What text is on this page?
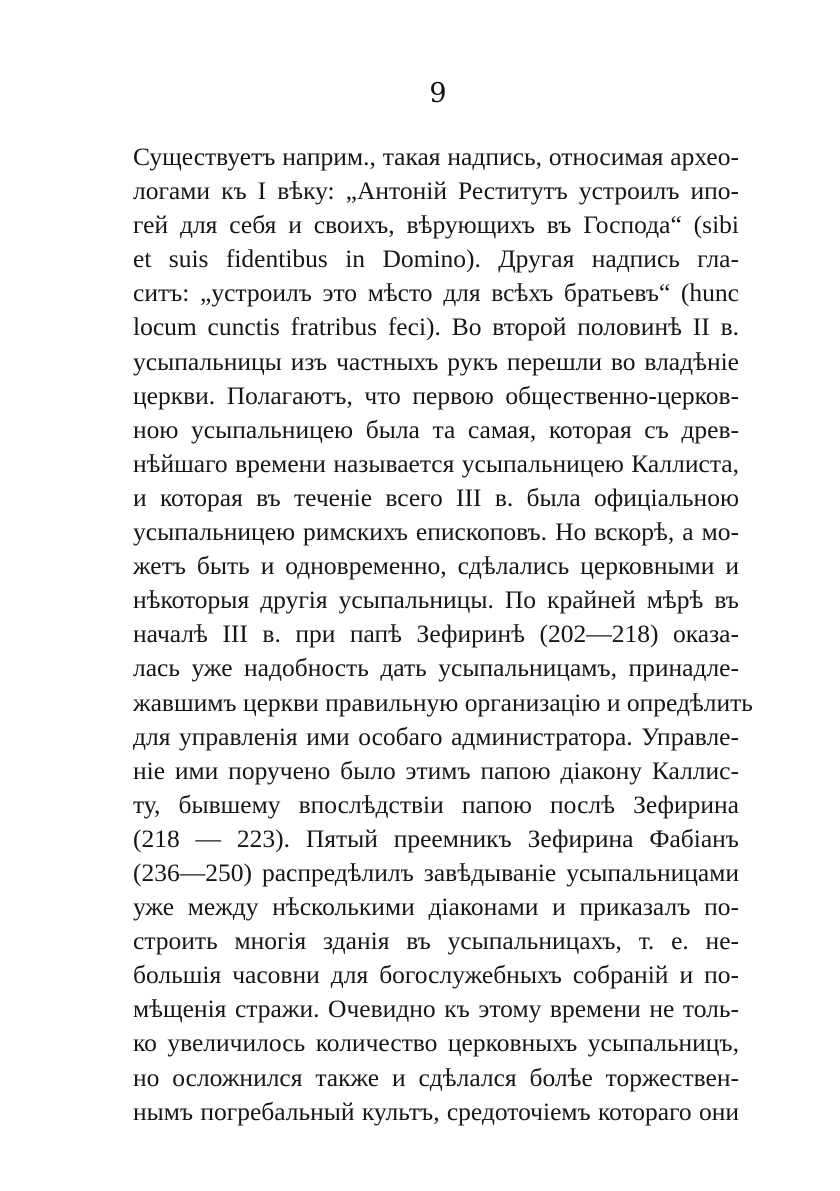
9
Существуетъ наприм., такая надпись, относимая архео-
логами къ I вѣку: „Антонiй Реститутъ устроилъ ипо-
гей для себя и своихъ, вѣрующихъ въ Господа“ (sibi
et suis fidentibus in Domino). Другая надпись гла-
ситъ: „устроилъ это мѣсто для всѣхъ братьевъ“ (hunc
locum cunctis fratribus feci). Во второй половинѣ II в.
усыпальницы изъ частныхъ рукъ перешли во владѣнiе
церкви. Полагаютъ, что первою общественно-церков-
ною усыпальницею была та самая, которая съ древ-
нѣйшаго времени называется усыпальницею Каллиста,
и которая въ теченiе всего III в. была офицiальною
усыпальницею римскихъ епископовъ. Но вскорѣ, а мо-
жетъ быть и одновременно, сдѣлались церковными и
нѣкоторыя другiя усыпальницы. По крайней мѣрѣ въ
началѣ III в. при папѣ Зефиринѣ (202—218) оказа-
лась уже надобность дать усыпальницамъ, принадле-
жавшимъ церкви правильную организацiю и опредѣлить
для управленiя ими особаго администратора. Управле-
нiе ими поручено было этимъ папою дiакону Каллис-
ту, бывшему впослѣдствiи папою послѣ Зефирина
(218 — 223). Пятый преемникъ Зефирина Фабiанъ
(236—250) распредѣлилъ завѣдыванiе усыпальницами
уже между нѣсколькими дiаконами и приказалъ по-
строить многiя зданiя въ усыпальницахъ, т. е. не-
большiя часовни для богослужебныхъ собранiй и по-
мѣщенiя стражи. Очевидно къ этому времени не толь-
ко увеличилось количество церковныхъ усыпальницъ,
но осложнился также и сдѣлался болѣе торжествен-
нымъ погребальный культъ, средоточiемъ котораго они
